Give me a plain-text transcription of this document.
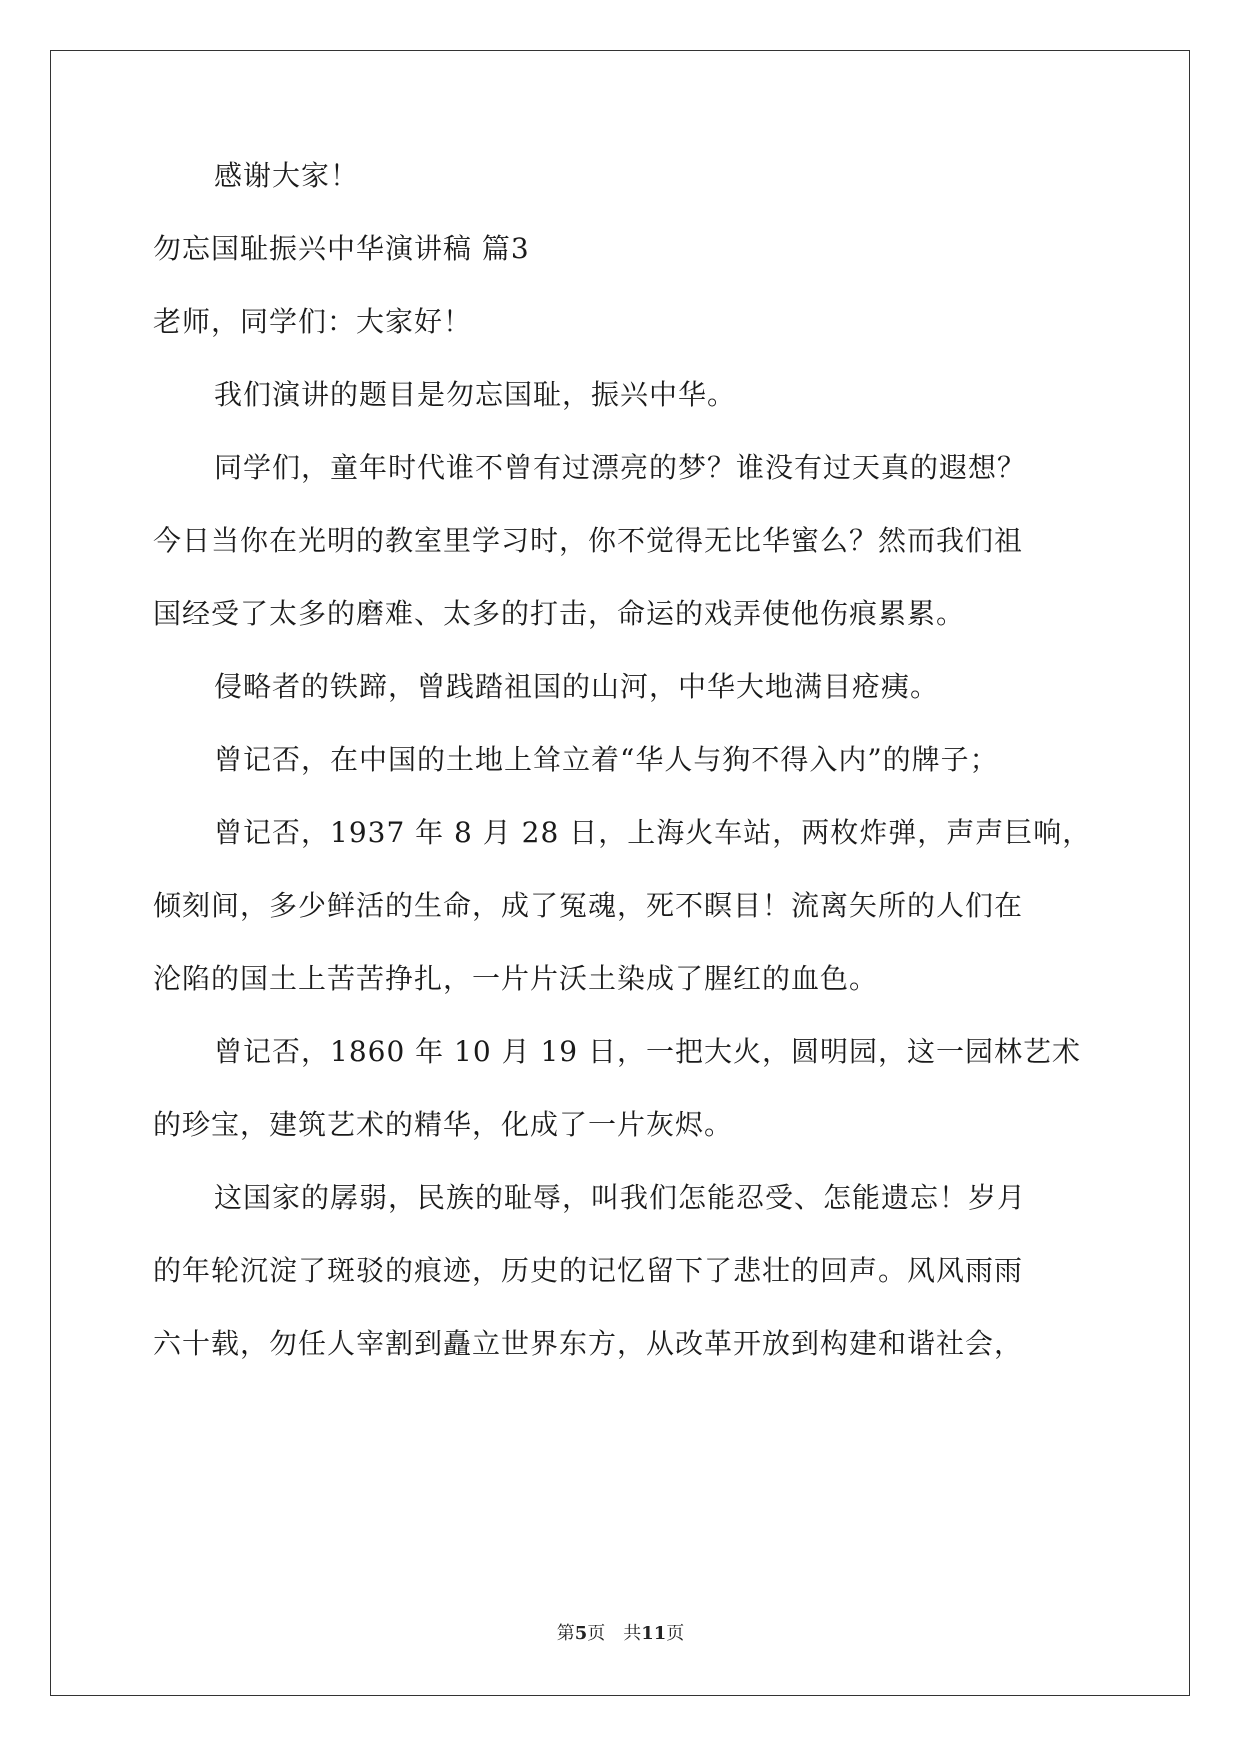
感谢大家！
勿忘国耻振兴中华演讲稿 篇3
老师，同学们：大家好！
我们演讲的题目是勿忘国耻，振兴中华。
同学们，童年时代谁不曾有过漂亮的梦？谁没有过天真的遐想？
今日当你在光明的教室里学习时，你不觉得无比华蜜么？然而我们祖
国经受了太多的磨难、太多的打击，命运的戏弄使他伤痕累累。
侵略者的铁蹄，曾践踏祖国的山河，中华大地满目疮痍。
曾记否，在中国的土地上耸立着“华人与狗不得入内”的牌子；
曾记否，1937 年 8 月 28 日，上海火车站，两枚炸弹，声声巨响，
倾刻间，多少鲜活的生命，成了冤魂，死不瞑目！流离矢所的人们在
沦陷的国土上苦苦挣扎，一片片沃土染成了腥红的血色。
曾记否，1860 年 10 月 19 日，一把大火，圆明园，这一园林艺术
的珍宝，建筑艺术的精华，化成了一片灰烬。
这国家的孱弱，民族的耻辱，叫我们怎能忍受、怎能遗忘！岁月
的年轮沉淀了斑驳的痕迹，历史的记忆留下了悲壮的回声。风风雨雨
六十载，勿任人宰割到矗立世界东方，从改革开放到构建和谐社会，
第5页　共11页
